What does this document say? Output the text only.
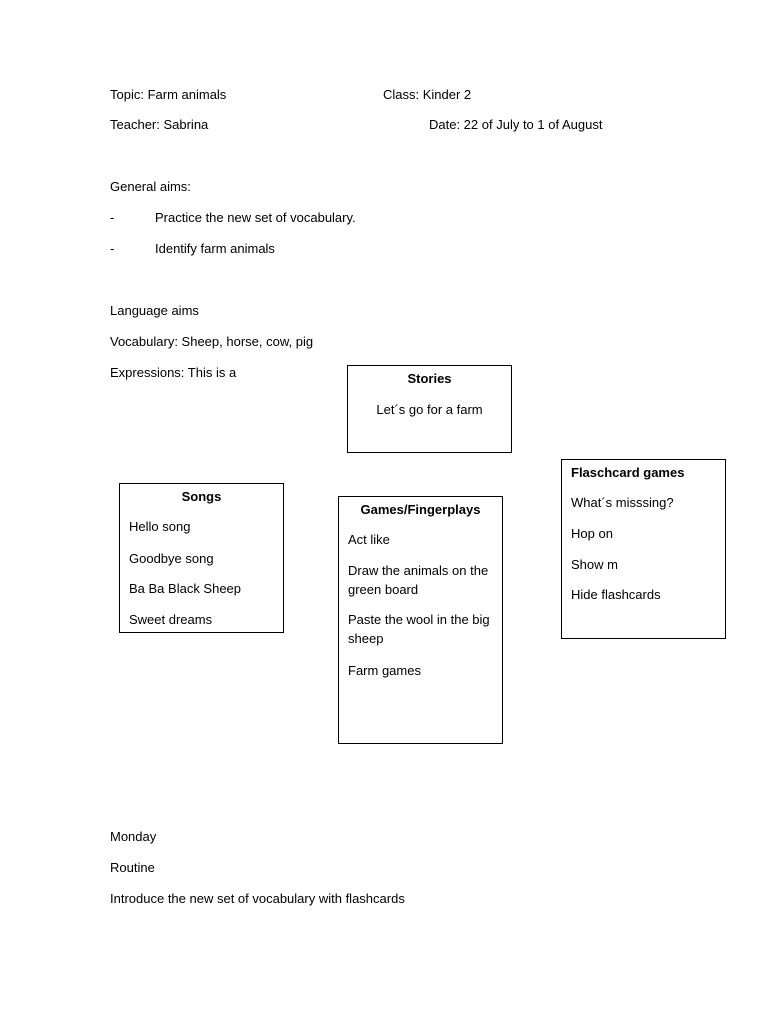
Topic: Farm animals	Class: Kinder 2
Teacher: Sabrina	Date: 22 of July to 1 of August
General aims:
-	Practice the new set of vocabulary.
-	Identify farm animals
Language aims
Vocabulary: Sheep, horse, cow, pig
Expressions: This is a	Stories
Let´s go for a farm
Songs
Hello song
Goodbye song
Ba Ba Black Sheep
Sweet dreams
Games/Fingerplays
Act like
Draw the animals on the green board
Paste the wool in the big sheep
Farm games
Flaschcard games
What´s misssing?
Hop on
Show m
Hide flashcards
Monday
Routine
Introduce the new set of vocabulary with flashcards
